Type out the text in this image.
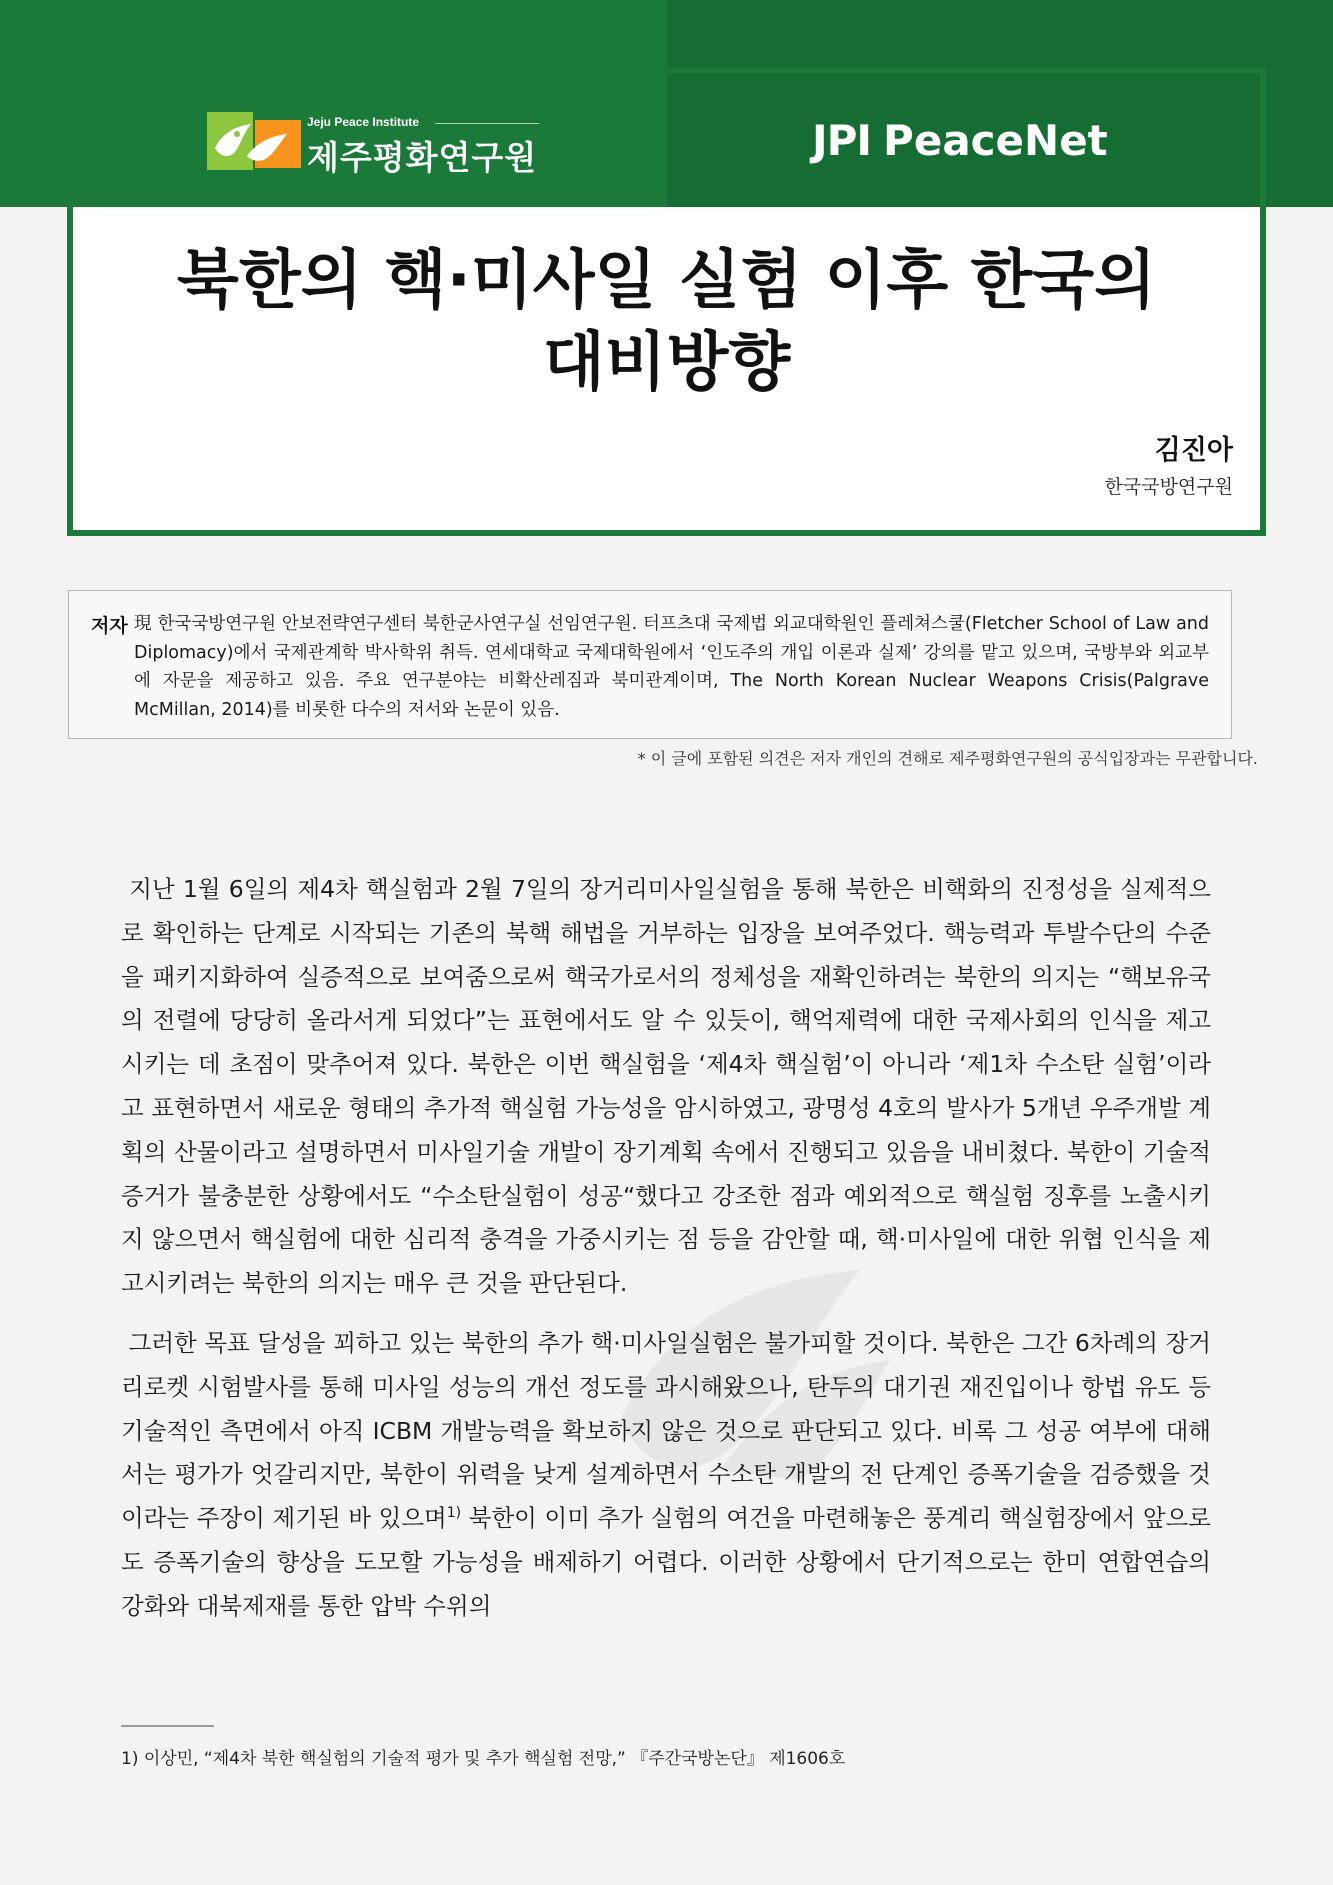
Jeju Peace Institute
제주평화연구원	JPI PeaceNet
북한의 핵·미사일 실험 이후 한국의
대비방향
김진아
한국국방연구원
저자 現 한국국방연구원 안보전략연구센터 북한군사연구실 선임연구원. 터프츠대 국제법 외교대학원인 플레쳐스쿨(Fletcher School of Law and Diplomacy)에서 국제관계학 박사학위 취득. 연세대학교 국제대학원에서 ‘인도주의 개입 이론과 실제’ 강의를 맡고 있으며, 국방부와 외교부에 자문을 제공하고 있음. 주요 연구분야는 비확산레짐과 북미관계이며, The North Korean Nuclear Weapons Crisis(Palgrave McMillan, 2014)를 비롯한 다수의 저서와 논문이 있음.
* 이 글에 포함된 의견은 저자 개인의 견해로 제주평화연구원의 공식입장과는 무관합니다.

지난 1월 6일의 제4차 핵실험과 2월 7일의 장거리미사일실험을 통해 북한은 비핵화의 진정성을 실제적으로 확인하는 단계로 시작되는 기존의 북핵 해법을 거부하는 입장을 보여주었다. 핵능력과 투발수단의 수준을 패키지화하여 실증적으로 보여줌으로써 핵국가로서의 정체성을 재확인하려는 북한의 의지는 “핵보유국의 전렬에 당당히 올라서게 되었다”는 표현에서도 알 수 있듯이, 핵억제력에 대한 국제사회의 인식을 제고시키는 데 초점이 맞추어져 있다. 북한은 이번 핵실험을 ‘제4차 핵실험’이 아니라 ‘제1차 수소탄 실험’이라고 표현하면서 새로운 형태의 추가적 핵실험 가능성을 암시하였고, 광명성 4호의 발사가 5개년 우주개발 계획의 산물이라고 설명하면서 미사일기술 개발이 장기계획 속에서 진행되고 있음을 내비쳤다. 북한이 기술적 증거가 불충분한 상황에서도 “수소탄실험이 성공“했다고 강조한 점과 예외적으로 핵실험 징후를 노출시키지 않으면서 핵실험에 대한 심리적 충격을 가중시키는 점 등을 감안할 때, 핵·미사일에 대한 위협 인식을 제고시키려는 북한의 의지는 매우 큰 것을 판단된다.

그러한 목표 달성을 꾀하고 있는 북한의 추가 핵·미사일실험은 불가피할 것이다. 북한은 그간 6차례의 장거리로켓 시험발사를 통해 미사일 성능의 개선 정도를 과시해왔으나, 탄두의 대기권 재진입이나 항법 유도 등 기술적인 측면에서 아직 ICBM 개발능력을 확보하지 않은 것으로 판단되고 있다. 비록 그 성공 여부에 대해서는 평가가 엇갈리지만, 북한이 위력을 낮게 설계하면서 수소탄 개발의 전 단계인 증폭기술을 검증했을 것이라는 주장이 제기된 바 있으며$^{1)}$ 북한이 이미 추가 실험의 여건을 마련해놓은 풍계리 핵실험장에서 앞으로도 증폭기술의 향상을 도모할 가능성을 배제하기 어렵다. 이러한 상황에서 단기적으로는 한미 연합연습의 강화와 대북제재를 통한 압박 수위의

1) 이상민, “제4차 북한 핵실험의 기술적 평가 및 추가 핵실험 전망,” 『주간국방논단』 제1606호
